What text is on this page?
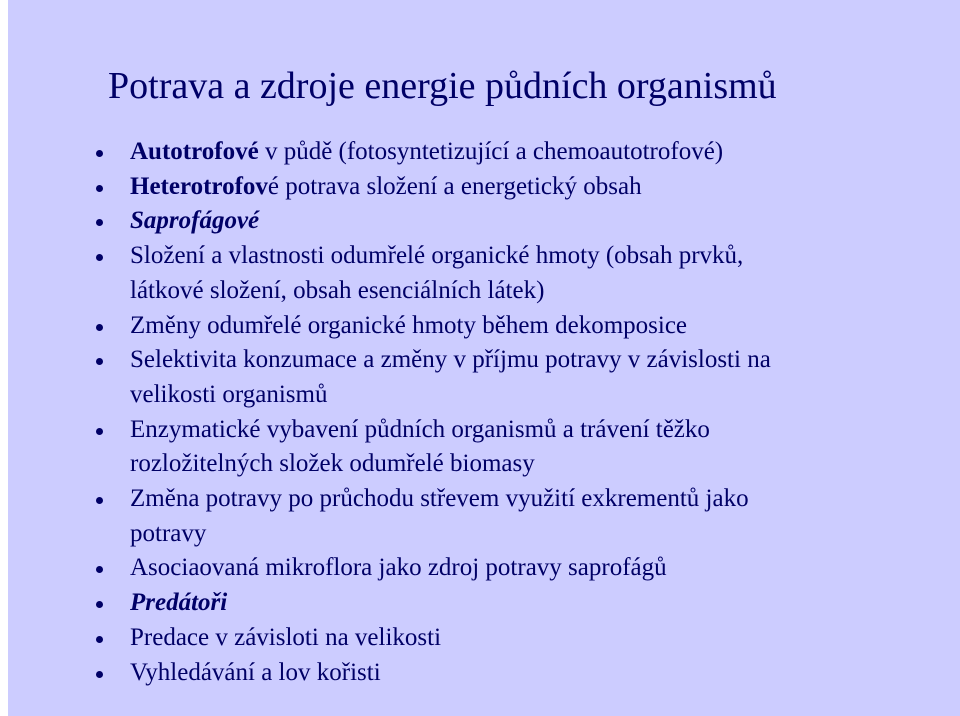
Potrava a zdroje energie půdních organismů
Autotrofové v půdě (fotosyntetizující a chemoautotrofové)
Heterotrofové potrava složení a energetický obsah
Saprofágové
Složení a vlastnosti odumřelé organické hmoty (obsah prvků,
látkové složení, obsah esenciálních látek)
Změny odumřelé organické hmoty během dekomposice
Selektivita konzumace a změny v příjmu potravy v závislosti na
velikosti organismů
Enzymatické vybavení půdních organismů a trávení těžko
rozložitelných složek odumřelé biomasy
Změna potravy po průchodu střevem využití exkrementů jako
potravy
Asociaovaná mikroflora jako zdroj potravy saprofágů
Predátoři
Predace v závisloti na velikosti
Vyhledávání a lov kořisti
